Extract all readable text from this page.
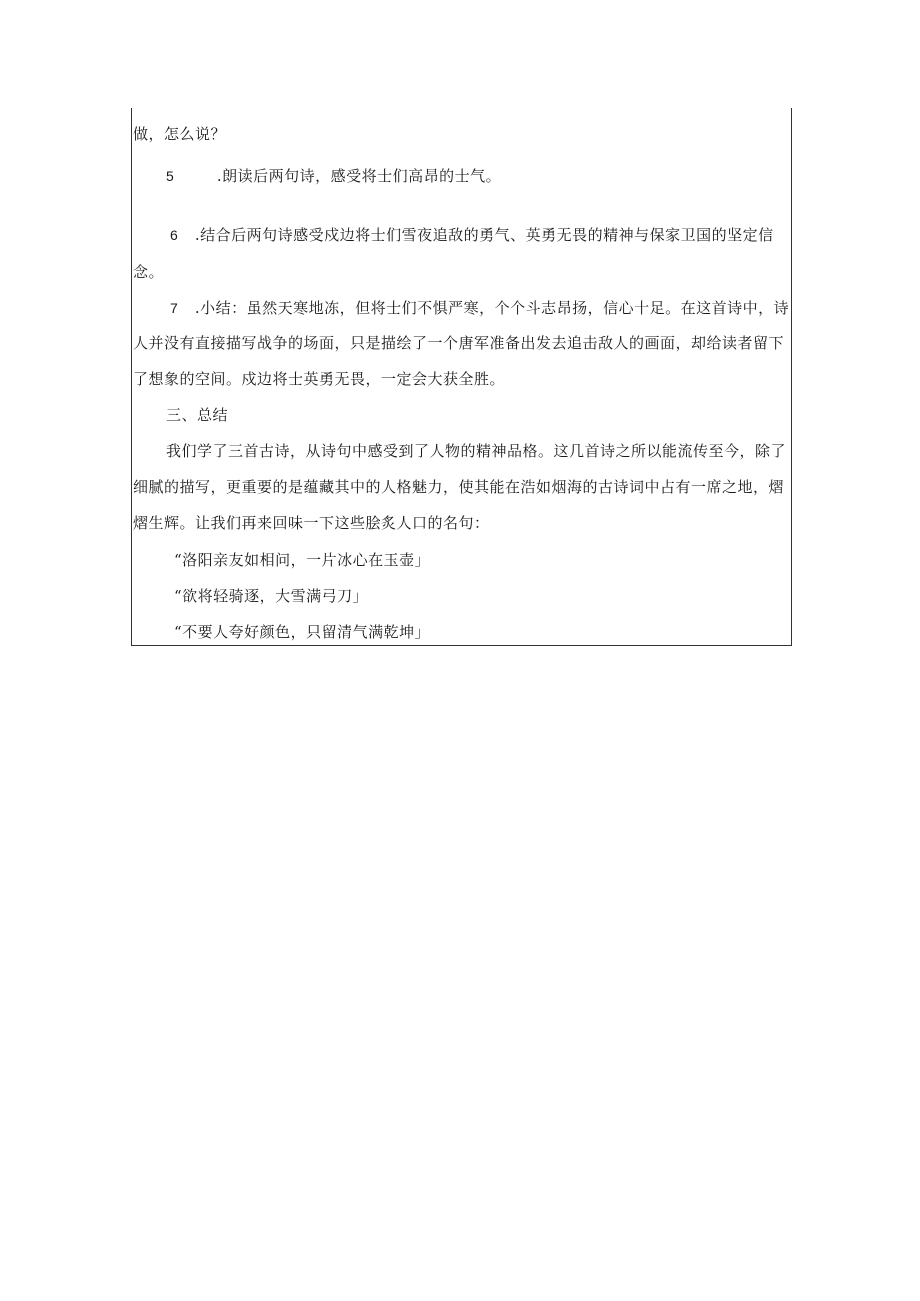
做，怎么说？
5	.朗读后两句诗，感受将士们高昂的士气。
6 .结合后两句诗感受戍边将士们雪夜追敌的勇气、英勇无畏的精神与保家卫国的坚定信
念。
7 .小结：虽然天寒地冻，但将士们不惧严寒，个个斗志昂扬，信心十足。在这首诗中，诗
人并没有直接描写战争的场面，只是描绘了一个唐军准备出发去追击敌人的画面，却给读者留下
了想象的空间。戍边将士英勇无畏，一定会大获全胜。
三、总结
我们学了三首古诗，从诗句中感受到了人物的精神品格。这几首诗之所以能流传至今，除了
细腻的描写，更重要的是蕴藏其中的人格魅力，使其能在浩如烟海的古诗词中占有一席之地，熠
熠生辉。让我们再来回味一下这些脍炙人口的名句：
“洛阳亲友如相问，一片冰心在玉壶」
“欲将轻骑逐，大雪满弓刀」
“不要人夸好颜色，只留清气满乾坤」
